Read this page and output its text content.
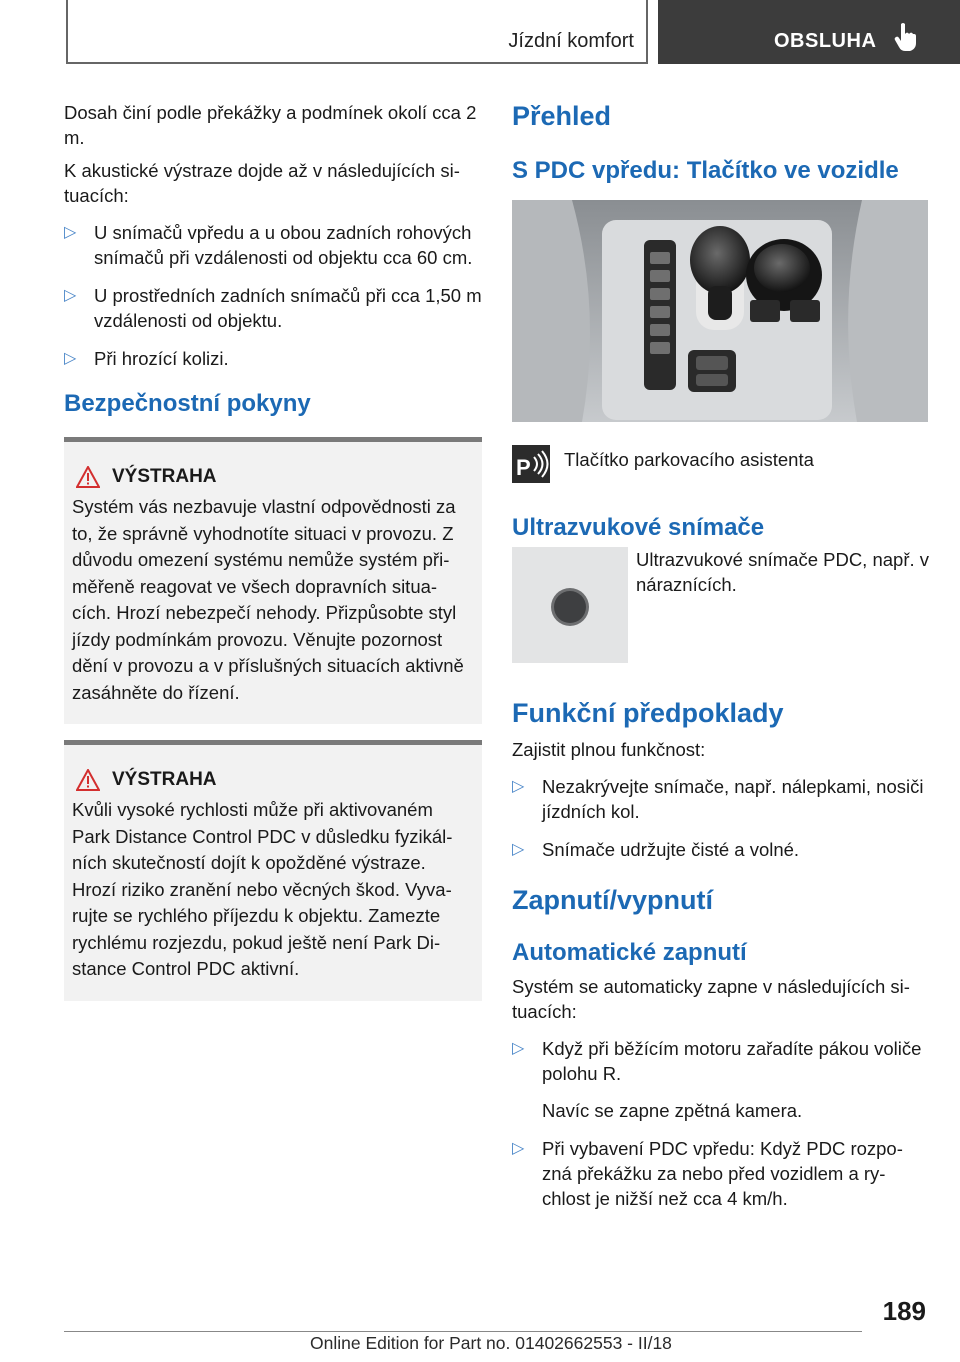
Jízdní komfort	OBSLUHA

Dosah činí podle překážky a podmínek okolí cca 2 m.

K akustické výstraze dojde až v následujících si-tuacích:

▷ U snímačů vpředu a u obou zadních rohových snímačů při vzdálenosti od objektu cca 60 cm.
▷ U prostředních zadních snímačů při cca 1,50 m vzdálenosti od objektu.
▷ Při hrozící kolizi.
Bezpečnostní pokyny
VÝSTRAHA

Systém vás nezbavuje vlastní odpovědnosti za to, že správně vyhodnotíte situaci v provozu. Z důvodu omezení systému nemůže systém při-měřeně reagovat ve všech dopravních situa-cích. Hrozí nebezpečí nehody. Přizpůsobte styl jízdy podmínkám provozu. Věnujte pozornost dění v provozu a v příslušných situacích aktivně zasáhněte do řízení.

VÝSTRAHA

Kvůli vysoké rychlosti může při aktivovaném Park Distance Control PDC v důsledku fyzikál-ních skutečností dojít k opožděné výstraze. Hrozí riziko zranění nebo věcných škod. Vyva-rujte se rychlého příjezdu k objektu. Zamezte rychlému rozjezdu, pokud ještě není Park Di-stance Control PDC aktivní.

Přehled
S PDC vpředu: Tlačítko ve vozidle
P Tlačítko parkovacího asistenta
Ultrazvukové snímače

Ultrazvukové snímače PDC, např. v náraznících.

Funkční předpoklady

Zajistit plnou funkčnost:

▷ Nezakrývejte snímače, např. nálepkami, nosiči jízdních kol.
▷ Snímače udržujte čisté a volné.
Zapnutí/vypnutí
Automatické zapnutí

Systém se automaticky zapne v následujících si-tuacích:

▷ Když při běžícím motoru zařadíte pákou voliče polohu R.
Navíc se zapne zpětná kamera.
▷ Při vybavení PDC vpředu: Když PDC rozpo-zná překážku za nebo před vozidlem a ry-chlost je nižší než cca 4 km/h.
189
Online Edition for Part no. 01402662553 - II/18
